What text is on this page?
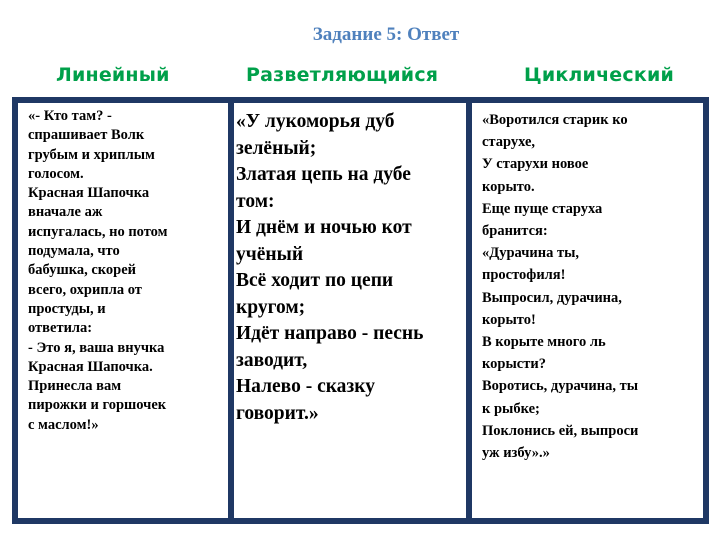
Задание 5: Ответ
Линейный	Разветляющийся	Циклический
«- Кто там? -
спрашивает Волк
грубым и хриплым
голосом.
Красная Шапочка
вначале аж
испугалась, но потом
подумала, что
бабушка, скорей
всего, охрипла от
простуды, и
ответила:
- Это я, ваша внучка
Красная Шапочка.
Принесла вам
пирожки и горшочек
с маслом!»
«У лукоморья дуб
зелёный;
Златая цепь на дубе
том:
И днём и ночью кот
учёный
Всё ходит по цепи
кругом;
Идёт направо - песнь
заводит,
Налево - сказку
говорит.»
«Воротился старик ко
старухе,
У старухи новое
корыто.
Еще пуще старуха
бранится:
«Дурачина ты,
простофиля!
Выпросил, дурачина,
корыто!
В корыте много ль
корысти?
Воротись, дурачина, ты
к рыбке;
Поклонись ей, выпроси
уж избу».»
